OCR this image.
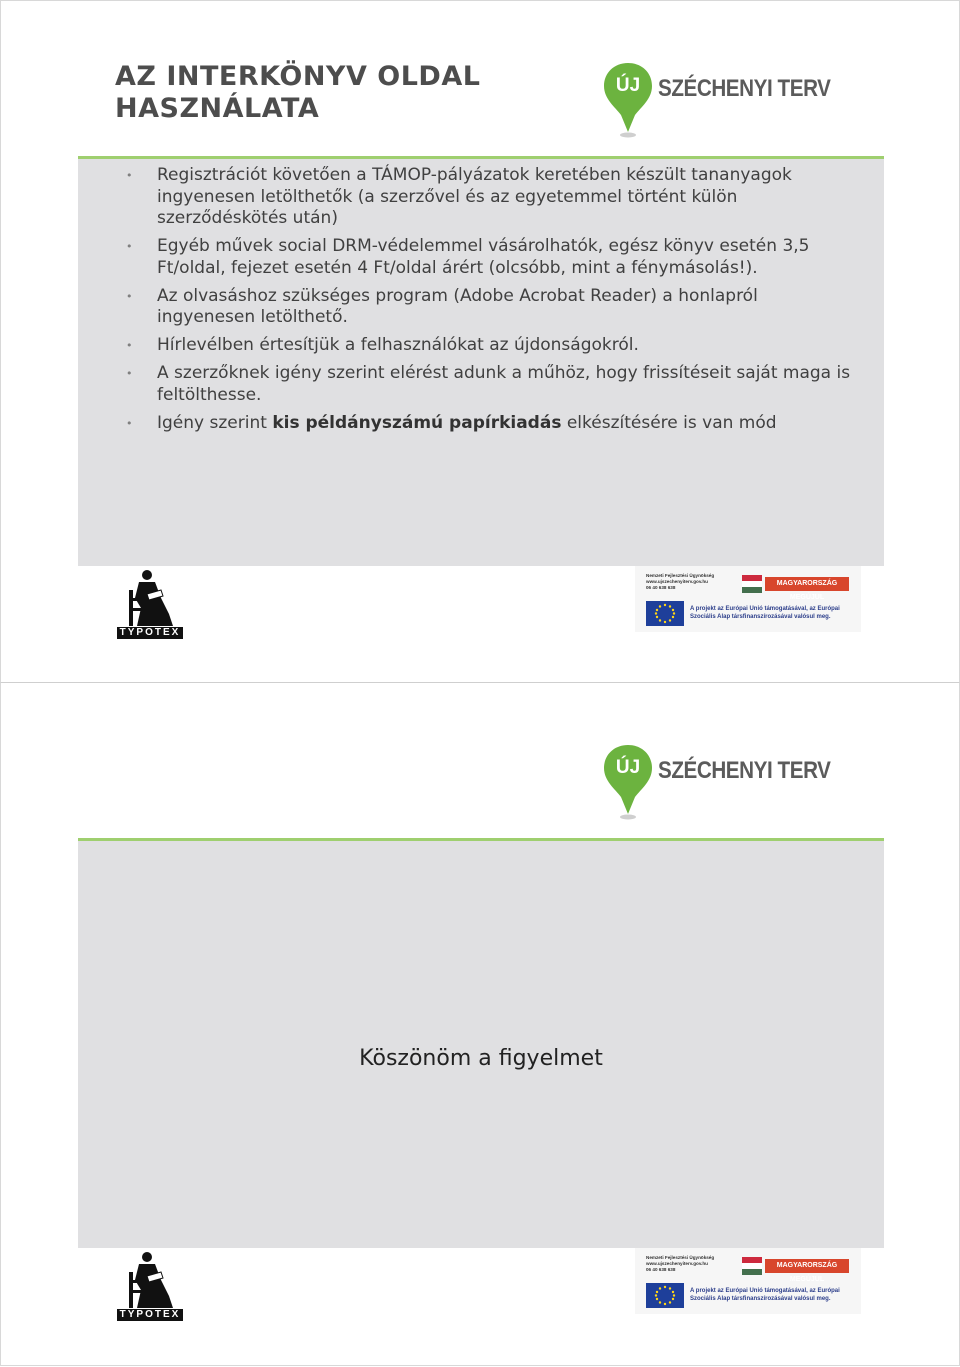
AZ INTERKÖNYV OLDAL HASZNÁLATA
ÚJ SZÉCHENYI TERV
• Regisztrációt követően a TÁMOP-pályázatok keretében készült tananyagok ingyenesen letölthetők (a szerzővel és az egyetemmel történt külön szerződéskötés után)
• Egyéb művek social DRM-védelemmel vásárolhatók, egész könyv esetén 3,5 Ft/oldal, fejezet esetén 4 Ft/oldal árért (olcsóbb, mint a fénymásolás!).
• Az olvasáshoz szükséges program (Adobe Acrobat Reader) a honlapról ingyenesen letölthető.
• Hírlevélben értesítjük a felhasználókat az újdonságokról.
• A szerzőknek igény szerint elérést adunk a műhöz, hogy frissítéseit saját maga is feltölthesse.
• Igény szerint kis példányszámú papírkiadás elkészítésére is van mód
TYPOTEX
Nemzeti Fejlesztési Ügynökség
www.ujszechenyiterv.gov.hu
06 40 638 638
MAGYARORSZÁG MEGÚJUL
A projekt az Európai Unió támogatásával, az Európai Szociális Alap társfinanszírozásával valósul meg.
ÚJ SZÉCHENYI TERV
Köszönöm a figyelmet
TYPOTEX
Nemzeti Fejlesztési Ügynökség
www.ujszechenyiterv.gov.hu
06 40 638 638
MAGYARORSZÁG MEGÚJUL
A projekt az Európai Unió támogatásával, az Európai Szociális Alap társfinanszírozásával valósul meg.
